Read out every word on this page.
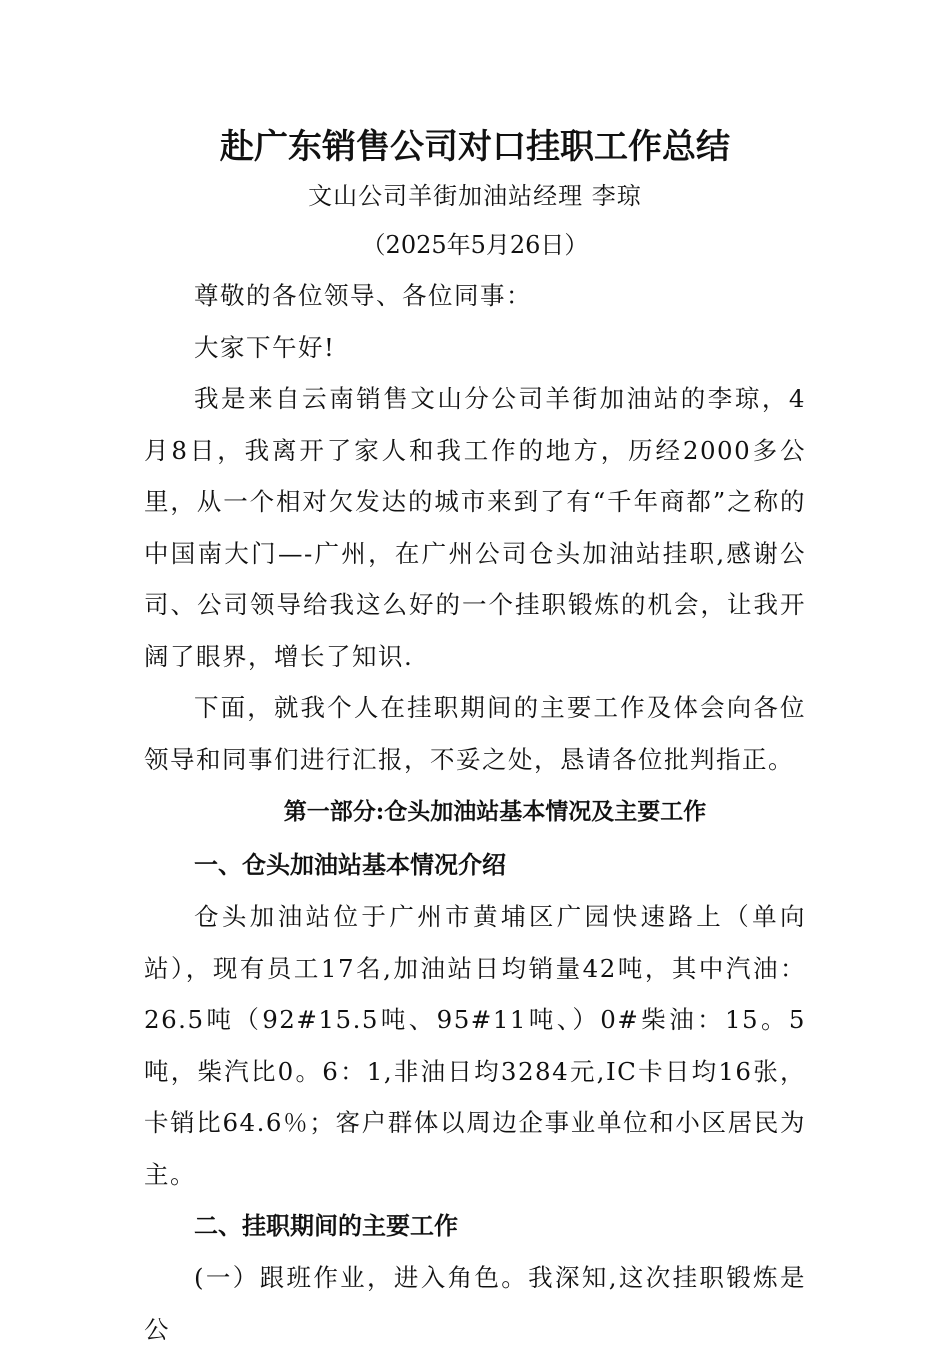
赴广东销售公司对口挂职工作总结
文山公司羊街加油站经理 李琼
（2025年5月26日）

尊敬的各位领导、各位同事：

大家下午好!

我是来自云南销售文山分公司羊街加油站的李琼，4月8日，我离开了家人和我工作的地方，历经2000多公里，从一个相对欠发达的城市来到了有“千年商都”之称的中国南大门—-广州，在广州公司仓头加油站挂职,感谢公司、公司领导给我这么好的一个挂职锻炼的机会，让我开阔了眼界，增长了知识.

下面，就我个人在挂职期间的主要工作及体会向各位领导和同事们进行汇报，不妥之处，恳请各位批判指正。

第一部分:仓头加油站基本情况及主要工作
一、仓头加油站基本情况介绍

仓头加油站位于广州市黄埔区广园快速路上（单向站），现有员工17名,加油站日均销量42吨，其中汽油：26.5吨（92#15.5吨、95#11吨、）0#柴油：15。5吨，柴汽比0。6：1,非油日均3284元,IC卡日均16张，卡销比64.6％；客户群体以周边企事业单位和小区居民为主。

二、挂职期间的主要工作

(一）跟班作业，进入角色。我深知,这次挂职锻炼是公
